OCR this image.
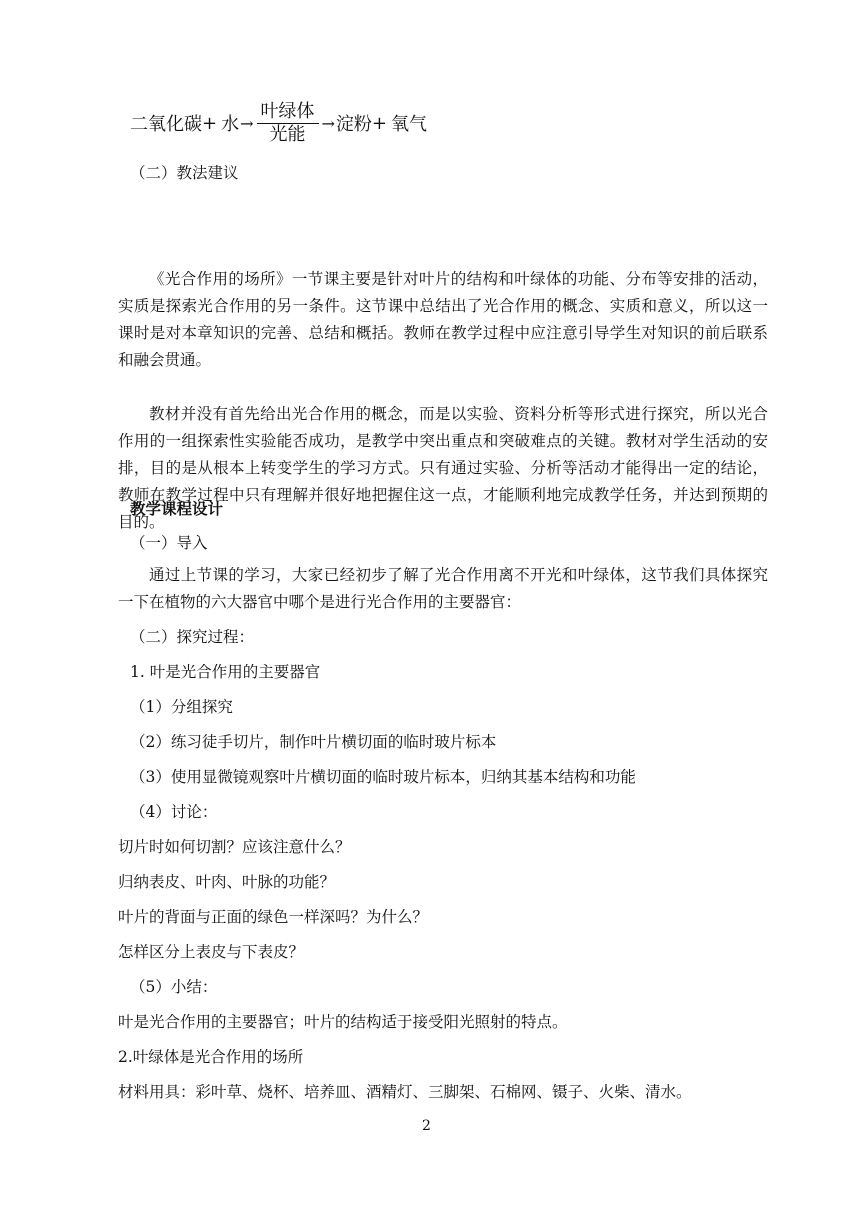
二氧化碳 + 水 →
叶绿体
光能
→ 淀粉 + 氧气

（二）教法建议

《光合作用的场所》一节课主要是针对叶片的结构和叶绿体的功能、分布等安排的活动，实质是探索光合作用的另一条件。这节课中总结出了光合作用的概念、实质和意义，所以这一课时是对本章知识的完善、总结和概括。教师在教学过程中应注意引导学生对知识的前后联系和融会贯通。

教材并没有首先给出光合作用的概念，而是以实验、资料分析等形式进行探究，所以光合作用的一组探索性实验能否成功，是教学中突出重点和突破难点的关键。教材对学生活动的安排，目的是从根本上转变学生的学习方式。只有通过实验、分析等活动才能得出一定的结论，教师在教学过程中只有理解并很好地把握住这一点，才能顺利地完成教学任务，并达到预期的目的。

教学课程设计

（一）导入

通过上节课的学习，大家已经初步了解了光合作用离不开光和叶绿体，这节我们具体探究一下在植物的六大器官中哪个是进行光合作用的主要器官：

（二）探究过程：

1. 叶是光合作用的主要器官

（1）分组探究

（2）练习徒手切片，制作叶片横切面的临时玻片标本

（3）使用显微镜观察叶片横切面的临时玻片标本，归纳其基本结构和功能

（4）讨论：

切片时如何切割？应该注意什么？

归纳表皮、叶肉、叶脉的功能？

叶片的背面与正面的绿色一样深吗？为什么？

怎样区分上表皮与下表皮？

（5）小结：

叶是光合作用的主要器官；叶片的结构适于接受阳光照射的特点。

2.叶绿体是光合作用的场所

材料用具：彩叶草、烧杯、培养皿、酒精灯、三脚架、石棉网、镊子、火柴、清水。

2
